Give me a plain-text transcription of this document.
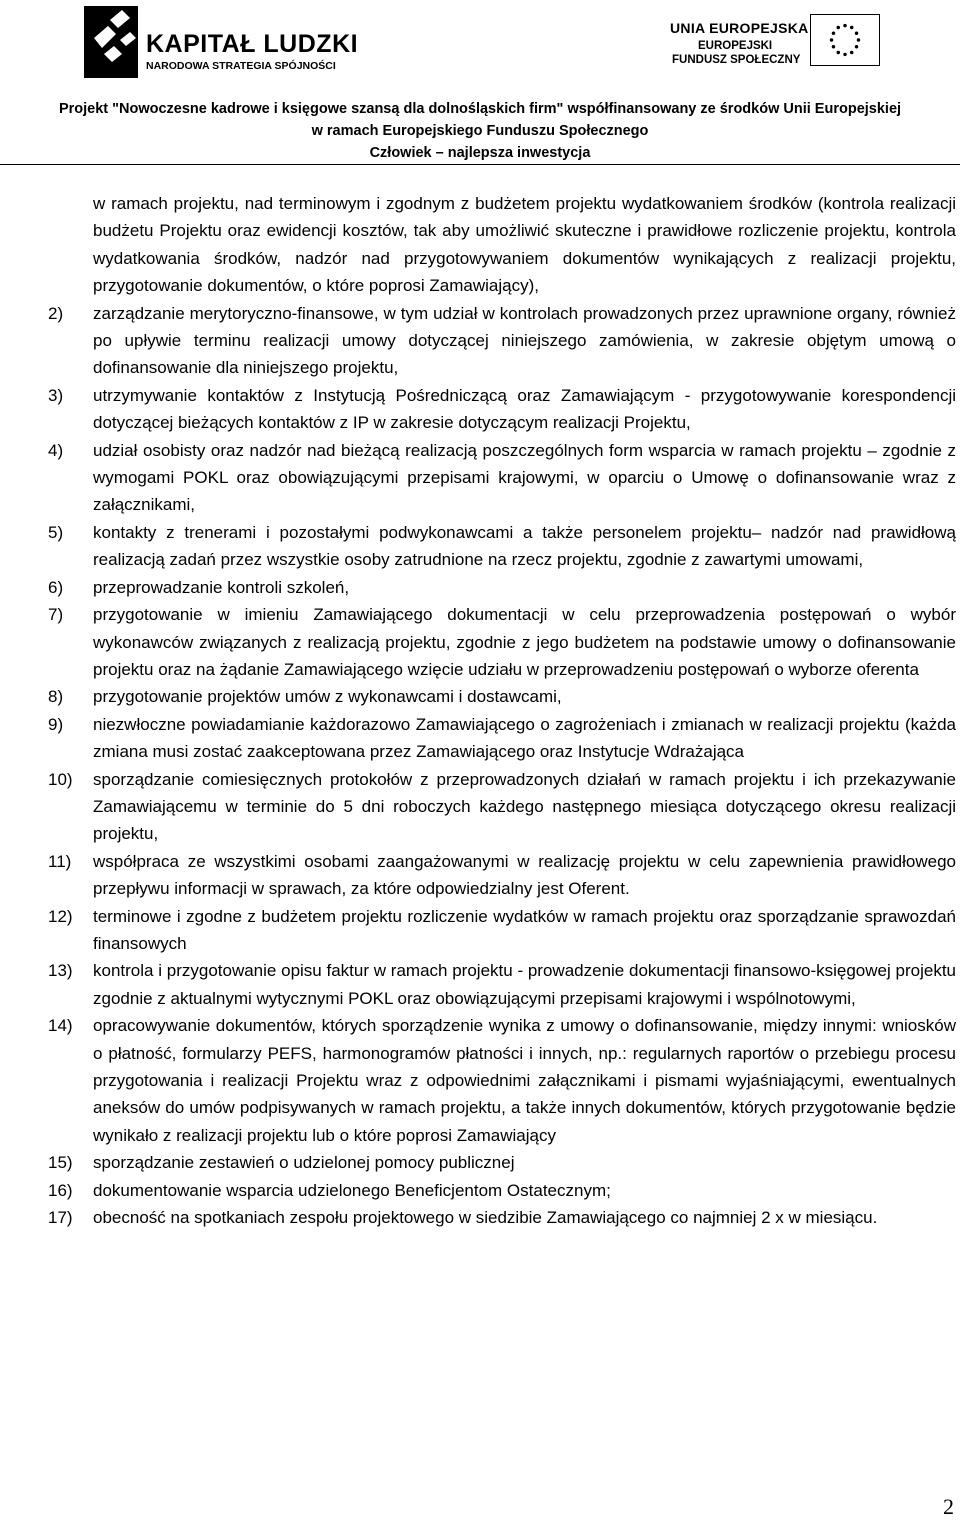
KAPITAŁ LUDZKI
NARODOWA STRATEGIA SPÓJNOŚCI
UNIA EUROPEJSKA
EUROPEJSKI
FUNDUSZ SPOŁECZNY
Projekt "Nowoczesne kadrowe i księgowe szansą dla dolnośląskich firm" współfinansowany ze środków Unii Europejskiej
w ramach Europejskiego Funduszu Społecznego
Człowiek – najlepsza inwestycja
w ramach projektu, nad terminowym i zgodnym z budżetem projektu wydatkowaniem środków (kontrola realizacji budżetu Projektu oraz ewidencji kosztów, tak aby umożliwić skuteczne i prawidłowe rozliczenie projektu, kontrola wydatkowania środków, nadzór nad przygotowywaniem dokumentów wynikających z realizacji projektu, przygotowanie dokumentów, o które poprosi Zamawiający),
2) zarządzanie merytoryczno-finansowe, w tym udział w kontrolach prowadzonych przez uprawnione organy, również po upływie terminu realizacji umowy dotyczącej niniejszego zamówienia, w zakresie objętym umową o dofinansowanie dla niniejszego projektu,
3) utrzymywanie kontaktów z Instytucją Pośredniczącą oraz Zamawiającym - przygotowywanie korespondencji dotyczącej bieżących kontaktów z IP w zakresie dotyczącym realizacji Projektu,
4) udział osobisty oraz nadzór nad bieżącą realizacją poszczególnych form wsparcia w ramach projektu – zgodnie z wymogami POKL oraz obowiązującymi przepisami krajowymi, w oparciu o Umowę o dofinansowanie wraz z załącznikami,
5) kontakty z trenerami i pozostałymi podwykonawcami a także personelem projektu– nadzór nad prawidłową realizacją zadań przez wszystkie osoby zatrudnione na rzecz projektu, zgodnie z zawartymi umowami,
6) przeprowadzanie kontroli szkoleń,
7) przygotowanie w imieniu Zamawiającego dokumentacji w celu przeprowadzenia postępowań o wybór wykonawców związanych z realizacją projektu, zgodnie z jego budżetem na podstawie umowy o dofinansowanie projektu oraz na żądanie Zamawiającego wzięcie udziału w przeprowadzeniu postępowań o wyborze oferenta
8) przygotowanie projektów umów z wykonawcami i dostawcami,
9) niezwłoczne powiadamianie każdorazowo Zamawiającego o zagrożeniach i zmianach w realizacji projektu (każda zmiana musi zostać zaakceptowana przez Zamawiającego oraz Instytucje Wdrażająca
10) sporządzanie comiesięcznych protokołów z przeprowadzonych działań w ramach projektu i ich przekazywanie Zamawiającemu w terminie do 5 dni roboczych każdego następnego miesiąca dotyczącego okresu realizacji projektu,
11) współpraca ze wszystkimi osobami zaangażowanymi w realizację projektu w celu zapewnienia prawidłowego przepływu informacji w sprawach, za które odpowiedzialny jest Oferent.
12) terminowe i zgodne z budżetem projektu rozliczenie wydatków w ramach projektu oraz sporządzanie sprawozdań finansowych
13) kontrola i przygotowanie opisu faktur w ramach projektu - prowadzenie dokumentacji finansowo-księgowej projektu zgodnie z aktualnymi wytycznymi POKL oraz obowiązującymi przepisami krajowymi i wspólnotowymi,
14) opracowywanie dokumentów, których sporządzenie wynika z umowy o dofinansowanie, między innymi: wniosków o płatność, formularzy PEFS, harmonogramów płatności i innych, np.: regularnych raportów o przebiegu procesu przygotowania i realizacji Projektu wraz z odpowiednimi załącznikami i pismami wyjaśniającymi, ewentualnych aneksów do umów podpisywanych w ramach projektu, a także innych dokumentów, których przygotowanie będzie wynikało z realizacji projektu lub o które poprosi Zamawiający
15) sporządzanie zestawień o udzielonej pomocy publicznej
16) dokumentowanie wsparcia udzielonego Beneficjentom Ostatecznym;
17) obecność na spotkaniach zespołu projektowego w siedzibie Zamawiającego co najmniej 2 x w miesiącu.
2
